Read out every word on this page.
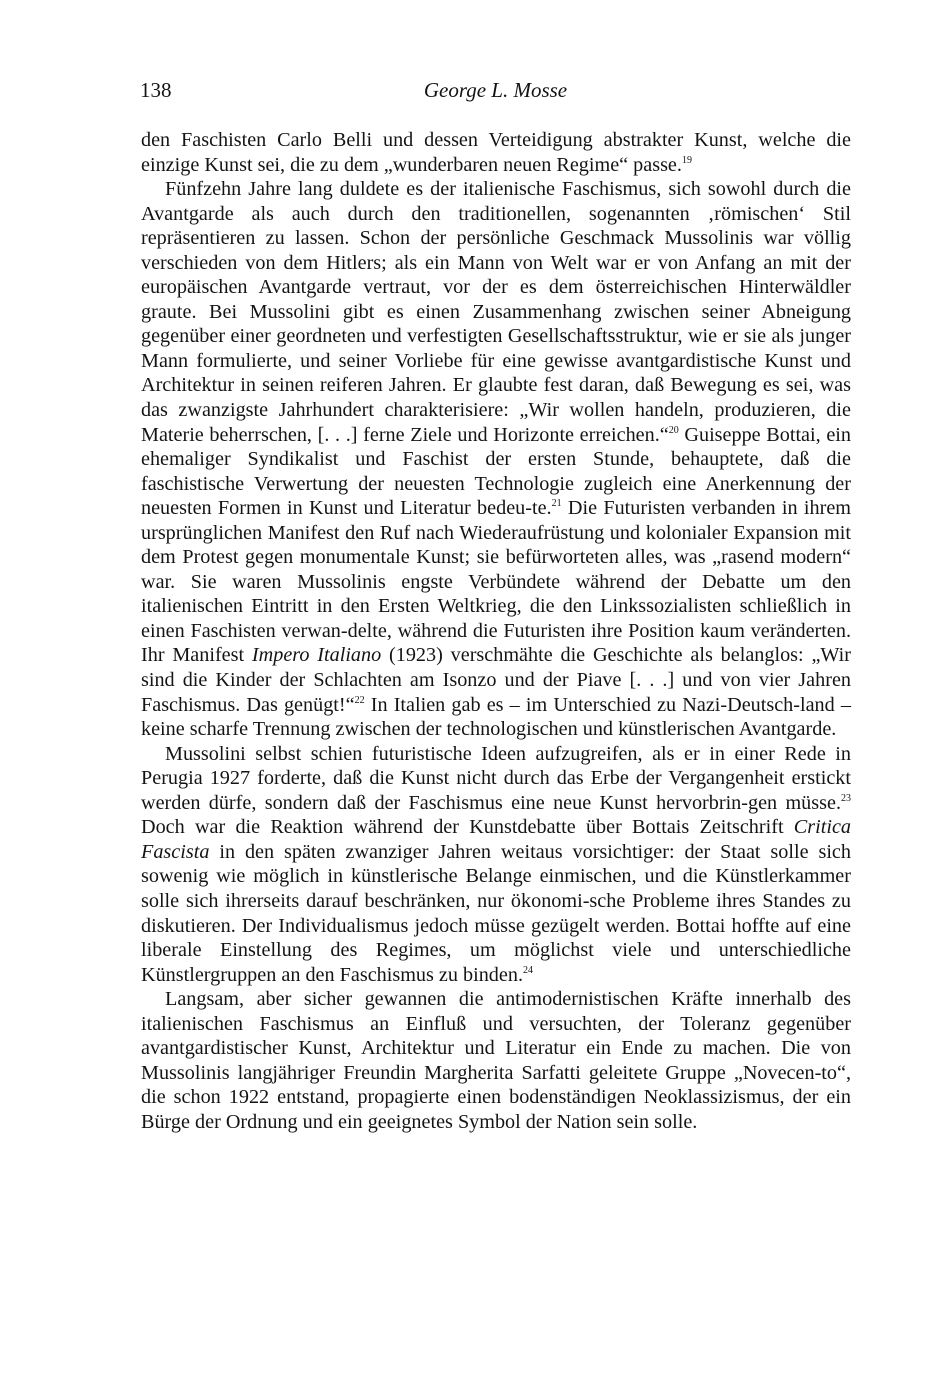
138	George L. Mosse

den Faschisten Carlo Belli und dessen Verteidigung abstrakter Kunst, welche die einzige Kunst sei, die zu dem „wunderbaren neuen Regime“ passe.$^{19}$

Fünfzehn Jahre lang duldete es der italienische Faschismus, sich sowohl durch die Avantgarde als auch durch den traditionellen, sogenannten ‚römischen‘ Stil repräsentieren zu lassen. Schon der persönliche Geschmack Mussolinis war völlig verschieden von dem Hitlers; als ein Mann von Welt war er von Anfang an mit der europäischen Avantgarde vertraut, vor der es dem österreichischen Hinterwäldler graute. Bei Mussolini gibt es einen Zusammenhang zwischen seiner Abneigung gegenüber einer geordneten und verfestigten Gesellschaftsstruktur, wie er sie als junger Mann formulierte, und seiner Vorliebe für eine gewisse avantgardistische Kunst und Architektur in seinen reiferen Jahren. Er glaubte fest daran, daß Bewegung es sei, was das zwanzigste Jahrhundert charakterisiere: „Wir wollen handeln, produzieren, die Materie beherrschen, [. . .] ferne Ziele und Horizonte erreichen.“$^{20}$ Guiseppe Bottai, ein ehemaliger Syndikalist und Faschist der ersten Stunde, behauptete, daß die faschistische Verwertung der neuesten Technologie zugleich eine Anerkennung der neuesten Formen in Kunst und Literatur bedeu-te.$^{21}$ Die Futuristen verbanden in ihrem ursprünglichen Manifest den Ruf nach Wiederaufrüstung und kolonialer Expansion mit dem Protest gegen monumentale Kunst; sie befürworteten alles, was „rasend modern“ war. Sie waren Mussolinis engste Verbündete während der Debatte um den italienischen Eintritt in den Ersten Weltkrieg, die den Linkssozialisten schließlich in einen Faschisten verwan-delte, während die Futuristen ihre Position kaum veränderten. Ihr Manifest Impero Italiano (1923) verschmähte die Geschichte als belanglos: „Wir sind die Kinder der Schlachten am Isonzo und der Piave [. . .] und von vier Jahren Faschismus. Das genügt!“$^{22}$ In Italien gab es – im Unterschied zu Nazi-Deutsch-land – keine scharfe Trennung zwischen der technologischen und künstlerischen Avantgarde.

Mussolini selbst schien futuristische Ideen aufzugreifen, als er in einer Rede in Perugia 1927 forderte, daß die Kunst nicht durch das Erbe der Vergangenheit erstickt werden dürfe, sondern daß der Faschismus eine neue Kunst hervorbrin-gen müsse.$^{23}$ Doch war die Reaktion während der Kunstdebatte über Bottais Zeitschrift Critica Fascista in den späten zwanziger Jahren weitaus vorsichtiger: der Staat solle sich sowenig wie möglich in künstlerische Belange einmischen, und die Künstlerkammer solle sich ihrerseits darauf beschränken, nur ökonomi-sche Probleme ihres Standes zu diskutieren. Der Individualismus jedoch müsse gezügelt werden. Bottai hoffte auf eine liberale Einstellung des Regimes, um möglichst viele und unterschiedliche Künstlergruppen an den Faschismus zu binden.$^{24}$

Langsam, aber sicher gewannen die antimodernistischen Kräfte innerhalb des italienischen Faschismus an Einfluß und versuchten, der Toleranz gegenüber avantgardistischer Kunst, Architektur und Literatur ein Ende zu machen. Die von Mussolinis langjähriger Freundin Margherita Sarfatti geleitete Gruppe „Novecen-to“, die schon 1922 entstand, propagierte einen bodenständigen Neoklassizismus, der ein Bürge der Ordnung und ein geeignetes Symbol der Nation sein solle.
